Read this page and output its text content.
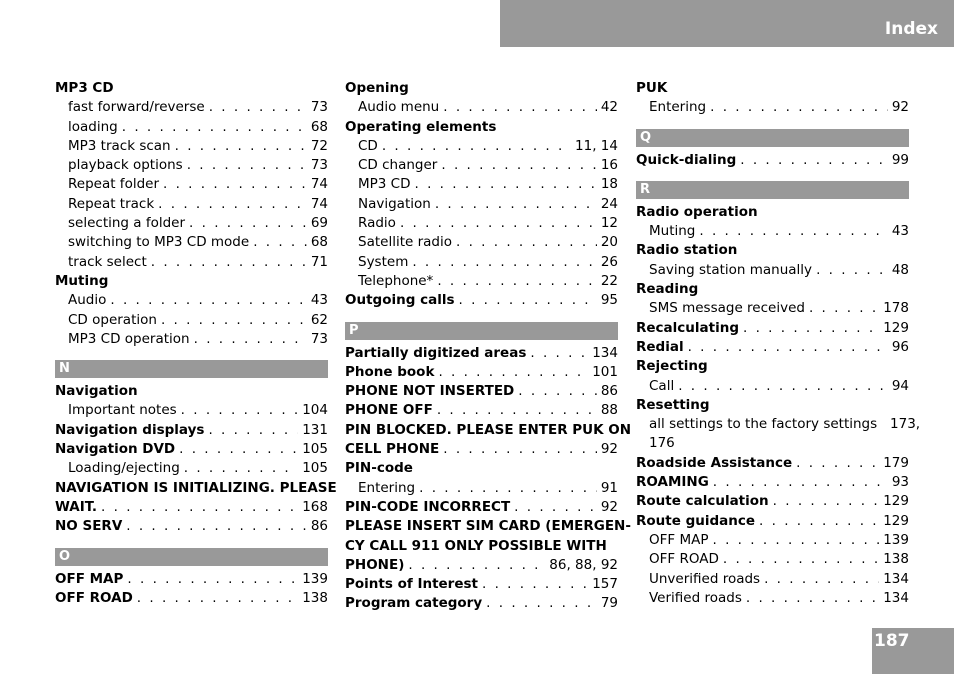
Index
MP3 CD
fast forward/reverse . . .	73
loading . . .	68
MP3 track scan . . .	72
playback options . . .	73
Repeat folder . . .	74
Repeat track . . .	74
selecting a folder . . .	69
switching to MP3 CD mode . . .	68
track select . . .	71
Muting
Audio . . .	43
CD operation . . .	62
MP3 CD operation . . .	73
N
Navigation
Important notes . . .	104
Navigation displays . . .	131
Navigation DVD . . .	105
Loading/ejecting . . .	105
NAVIGATION IS INITIALIZING. PLEASE
WAIT. . . .	168
NO SERV . . .	86
O
OFF MAP . . .	139
OFF ROAD . . .	138
Opening
Audio menu . . .	42
Operating elements
CD . . .	11, 14
CD changer . . .	16
MP3 CD . . .	18
Navigation . . .	24
Radio . . .	12
Satellite radio . . .	20
System . . .	26
Telephone* . . .	22
Outgoing calls . . .	95
P
Partially digitized areas . . .	134
Phone book . . .	101
PHONE NOT INSERTED . . .	86
PHONE OFF . . .	88
PIN BLOCKED. PLEASE ENTER PUK ON
CELL PHONE . . .	92
PIN-code
Entering . . .	91
PIN-CODE INCORRECT . . .	92
PLEASE INSERT SIM CARD (EMERGEN-
CY CALL 911 ONLY POSSIBLE WITH
PHONE) . . .	86, 88, 92
Points of Interest . . .	157
Program category . . .	79
PUK
Entering . . .	92
Q
Quick-dialing . . .	99
R
Radio operation
Muting . . .	43
Radio station
Saving station manually . . .	48
Reading
SMS message received . . .	178
Recalculating . . .	129
Redial . . .	96
Rejecting
Call . . .	94
Resetting
all settings to the factory settings   173,
176
Roadside Assistance . . .	179
ROAMING . . .	93
Route calculation . . .	129
Route guidance . . .	129
OFF MAP . . .	139
OFF ROAD . . .	138
Unverified roads . . .	134
Verified roads . . .	134
187
